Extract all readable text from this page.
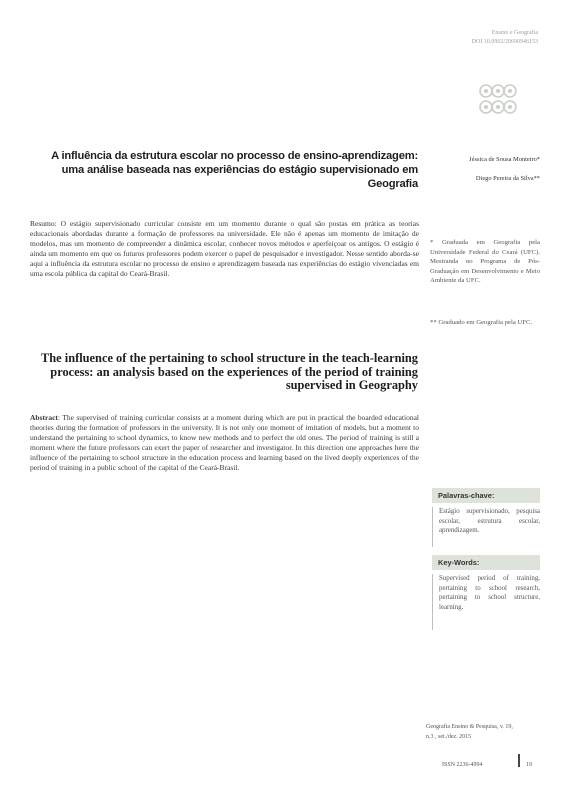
Ensino e Geografia
DOI 10.0902/20690946153
A influência da estrutura escolar no processo de ensino-aprendizagem: uma análise baseada nas experiências do estágio supervisionado em Geografia
Jéssica de Sousa Monteiro*
Diego Pereira da Silva**
Resumo: O estágio supervisionado curricular consiste em um momento durante o qual são postas em prática as teorias educacionais abordadas durante a formação de professores na universidade. Ele não é apenas um momento de imitação de modelos, mas um momento de compreender a dinâmica escolar, conhecer novos métodos e aperfeiçoar os antigos. O estágio é ainda um momento em que os futuros professores podem exercer o papel de pesquisador e investigador. Nesse sentido aborda-se aqui a influência da estrutura escolar no processo de ensino e aprendizagem baseada nas experiências do estágio vivenciadas em uma escola pública da capital do Ceará-Brasil.
* Graduada em Geografia pela Universidade Federal do Ceará (UFC). Mestranda no Programa de Pós-Graduação em Desenvolvimento e Meio Ambiente da UFC.
** Graduado em Geografia pela UFC.
The influence of the pertaining to school structure in the teach-learning process: an analysis based on the experiences of the period of training supervised in Geography
Abstract: The supervised of training curricular consists at a moment during which are put in practical the boarded educational theories during the formation of professors in the university. It is not only one moment of imitation of models, but a moment to understand the pertaining to school dynamics, to know new methods and to perfect the old ones. The period of training is still a moment where the future professors can exert the paper of researcher and investigator. In this direction one approaches here the influence of the pertaining to school structure in the education process and learning based on the lived deeply experiences of the period of training in a public school of the capital of the Ceará-Brasil.
Palavras-chave:
Estágio supervisionado, pesquisa escolar, estrutura escolar, aprendizagem.
Key-Words:
Supervised period of training, pertaining to school research, pertaining to school structure, learning.
Geografia Ensino & Pesquisa, v. 19,
n.3 , set./dez. 2015
ISSN 2236-4994	19
